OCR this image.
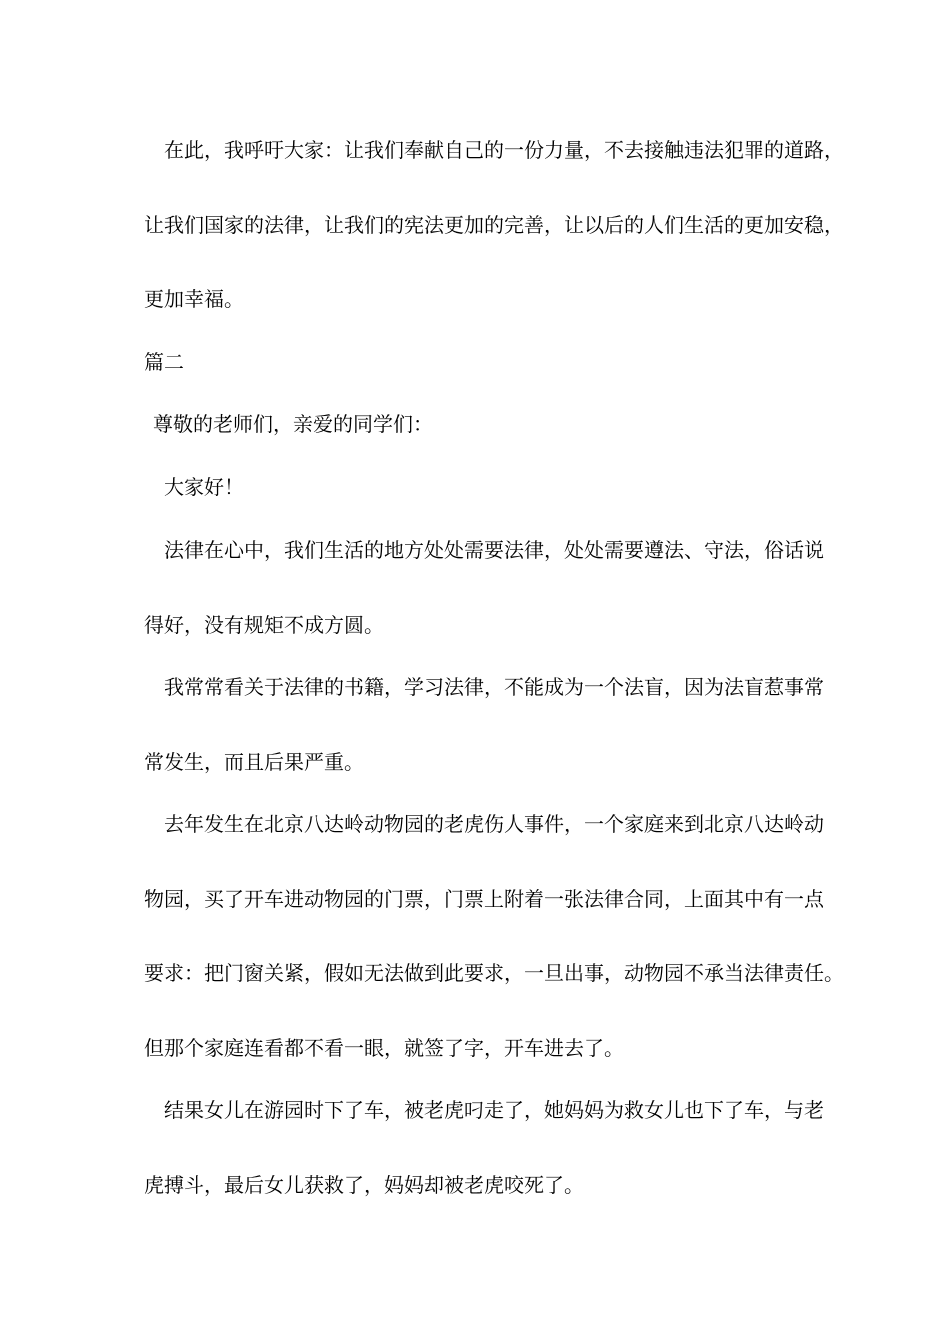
在此，我呼吁大家：让我们奉献自己的一份力量，不去接触违法犯罪的道路，
让我们国家的法律，让我们的宪法更加的完善，让以后的人们生活的更加安稳，
更加幸福。
篇二
尊敬的老师们，亲爱的同学们：
大家好！
法律在心中，我们生活的地方处处需要法律，处处需要遵法、守法，俗话说
得好，没有规矩不成方圆。
我常常看关于法律的书籍，学习法律，不能成为一个法盲，因为法盲惹事常
常发生，而且后果严重。
去年发生在北京八达岭动物园的老虎伤人事件，一个家庭来到北京八达岭动
物园，买了开车进动物园的门票，门票上附着一张法律合同，上面其中有一点
要求：把门窗关紧，假如无法做到此要求，一旦出事，动物园不承当法律责任。
但那个家庭连看都不看一眼，就签了字，开车进去了。
结果女儿在游园时下了车，被老虎叼走了，她妈妈为救女儿也下了车，与老
虎搏斗，最后女儿获救了，妈妈却被老虎咬死了。
